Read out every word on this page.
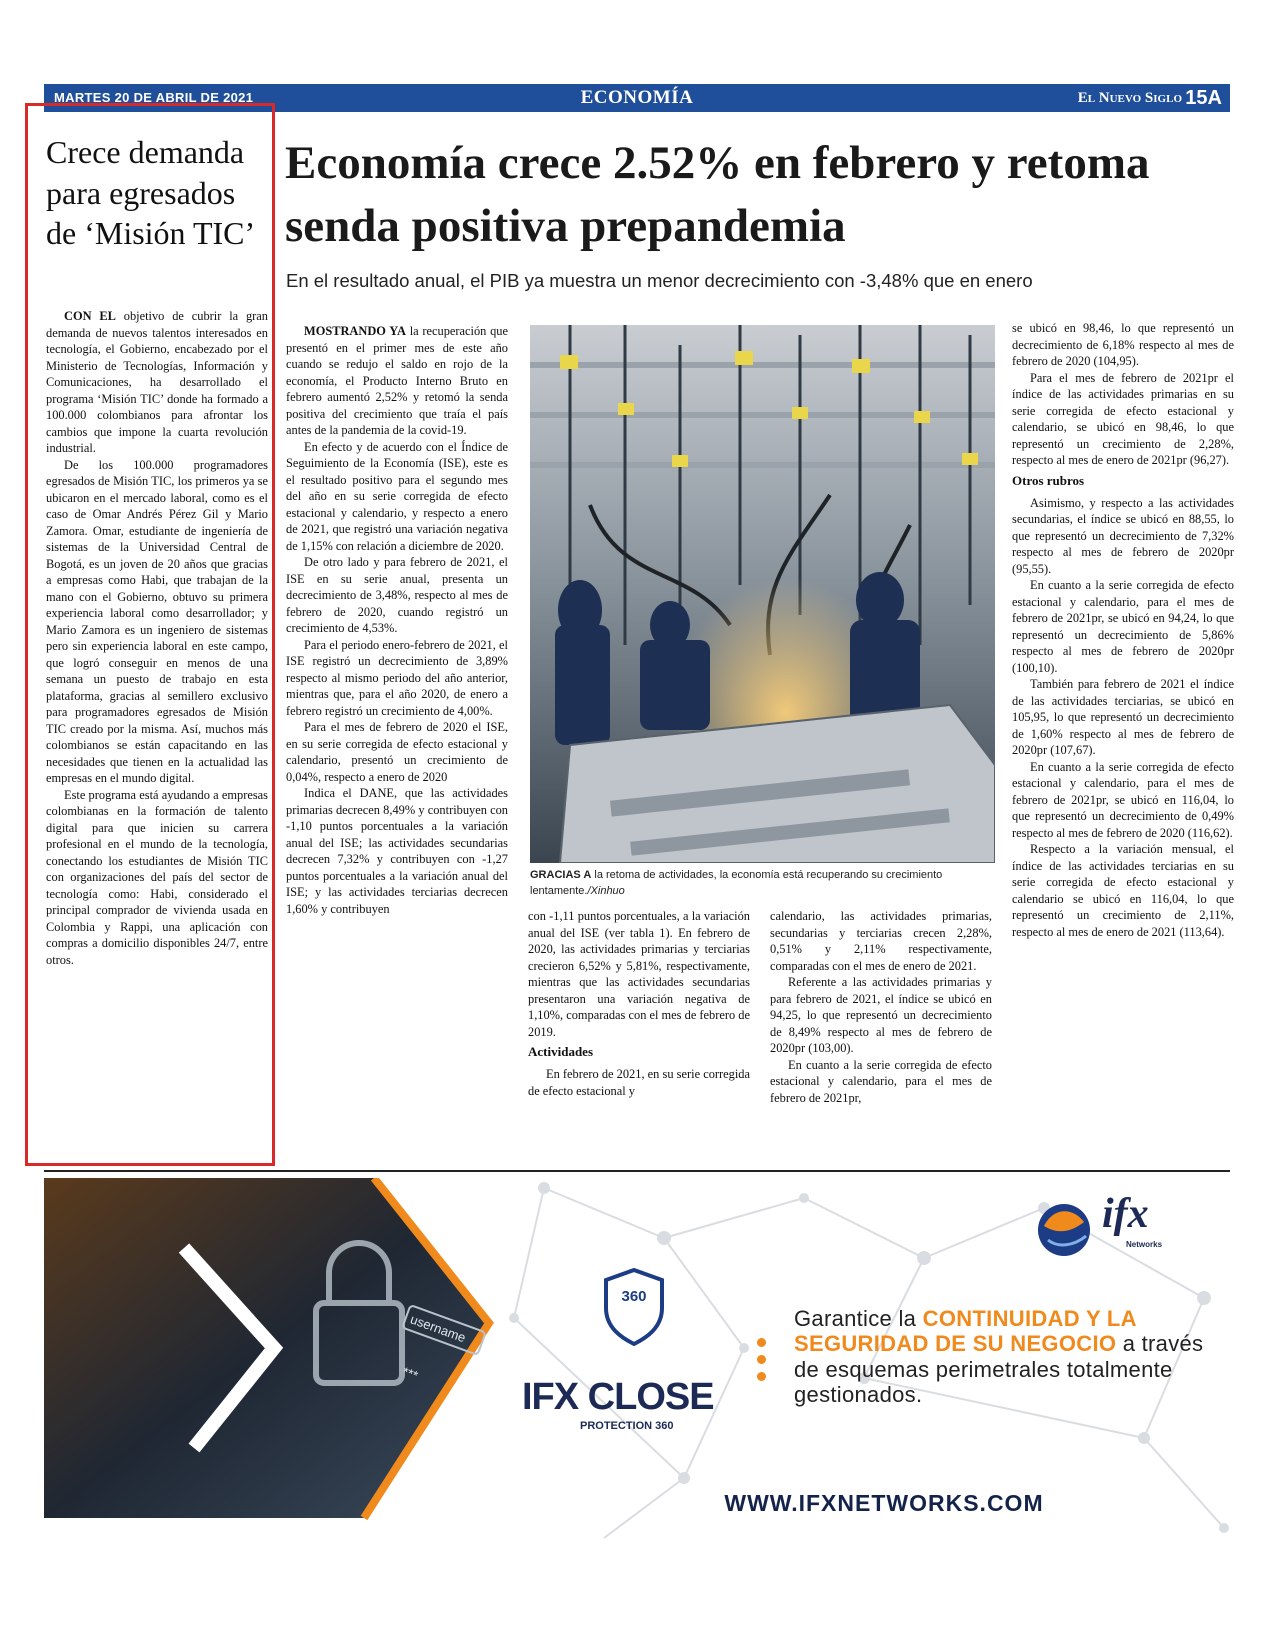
MARTES 20 DE ABRIL DE 2021	ECONOMÍA	El Nuevo Siglo 15A
Crece demanda para egresados de ‘Misión TIC’

CON EL objetivo de cubrir la gran demanda de nuevos talentos interesados en tecnología, el Gobierno, encabezado por el Ministerio de Tecnologías, Información y Comunicaciones, ha desarrollado el programa ‘Misión TIC’ donde ha formado a 100.000 colombianos para afrontar los cambios que impone la cuarta revolución industrial.

De los 100.000 programadores egresados de Misión TIC, los primeros ya se ubicaron en el mercado laboral, como es el caso de Omar Andrés Pérez Gil y Mario Zamora. Omar, estudiante de ingeniería de sistemas de la Universidad Central de Bogotá, es un joven de 20 años que gracias a empresas como Habi, que trabajan de la mano con el Gobierno, obtuvo su primera experiencia laboral como desarrollador; y Mario Zamora es un ingeniero de sistemas pero sin experiencia laboral en este campo, que logró conseguir en menos de una semana un puesto de trabajo en esta plataforma, gracias al semillero exclusivo para programadores egresados de Misión TIC creado por la misma. Así, muchos más colombianos se están capacitando en las necesidades que tienen en la actualidad las empresas en el mundo digital.

Este programa está ayudando a empresas colombianas en la formación de talento digital para que inicien su carrera profesional en el mundo de la tecnología, conectando los estudiantes de Misión TIC con organizaciones del país del sector de tecnología como: Habi, considerado el principal comprador de vivienda usada en Colombia y Rappi, una aplicación con compras a domicilio disponibles 24/7, entre otros.

Economía crece 2.52% en febrero y retoma senda positiva prepandemia
En el resultado anual, el PIB ya muestra un menor decrecimiento con -3,48% que en enero

MOSTRANDO YA la recuperación que presentó en el primer mes de este año cuando se redujo el saldo en rojo de la economía, el Producto Interno Bruto en febrero aumentó 2,52% y retomó la senda positiva del crecimiento que traía el país antes de la pandemia de la covid-19.

En efecto y de acuerdo con el Índice de Seguimiento de la Economía (ISE), este es el resultado positivo para el segundo mes del año en su serie corregida de efecto estacional y calendario, y respecto a enero de 2021, que registró una variación negativa de 1,15% con relación a diciembre de 2020.

De otro lado y para febrero de 2021, el ISE en su serie anual, presenta un decrecimiento de 3,48%, respecto al mes de febrero de 2020, cuando registró un crecimiento de 4,53%.

Para el periodo enero-febrero de 2021, el ISE registró un decrecimiento de 3,89% respecto al mismo periodo del año anterior, mientras que, para el año 2020, de enero a febrero registró un crecimiento de 4,00%.

Para el mes de febrero de 2020 el ISE, en su serie corregida de efecto estacional y calendario, presentó un crecimiento de 0,04%, respecto a enero de 2020

Indica el DANE, que las actividades primarias decrecen 8,49% y contribuyen con -1,10 puntos porcentuales a la variación anual del ISE; las actividades secundarias decrecen 7,32% y contribuyen con -1,27 puntos porcentuales a la variación anual del ISE; y las actividades terciarias decrecen 1,60% y contribuyen

GRACIAS A la retoma de actividades, la economía está recuperando su crecimiento lentamente./Xinhuo

con -1,11 puntos porcentuales, a la variación anual del ISE (ver tabla 1). En febrero de 2020, las actividades primarias y terciarias crecieron 6,52% y 5,81%, respectivamente, mientras que las actividades secundarias presentaron una variación negativa de 1,10%, comparadas con el mes de febrero de 2019.

Actividades

En febrero de 2021, en su serie corregida de efecto estacional y

calendario, las actividades primarias, secundarias y terciarias crecen 2,28%, 0,51% y 2,11% respectivamente, comparadas con el mes de enero de 2021.

Referente a las actividades primarias y para febrero de 2021, el índice se ubicó en 94,25, lo que representó un decrecimiento de 8,49% respecto al mes de febrero de 2020pr (103,00).

En cuanto a la serie corregida de efecto estacional y calendario, para el mes de febrero de 2021pr,

se ubicó en 98,46, lo que representó un decrecimiento de 6,18% respecto al mes de febrero de 2020 (104,95).

Para el mes de febrero de 2021pr el índice de las actividades primarias en su serie corregida de efecto estacional y calendario, se ubicó en 98,46, lo que representó un crecimiento de 2,28%, respecto al mes de enero de 2021pr (96,27).

Otros rubros

Asimismo, y respecto a las actividades secundarias, el índice se ubicó en 88,55, lo que representó un decrecimiento de 7,32% respecto al mes de febrero de 2020pr (95,55).

En cuanto a la serie corregida de efecto estacional y calendario, para el mes de febrero de 2021pr, se ubicó en 94,24, lo que representó un decrecimiento de 5,86% respecto al mes de febrero de 2020pr (100,10).

También para febrero de 2021 el índice de las actividades terciarias, se ubicó en 105,95, lo que representó un decrecimiento de 1,60% respecto al mes de febrero de 2020pr (107,67).

En cuanto a la serie corregida de efecto estacional y calendario, para el mes de febrero de 2021pr, se ubicó en 116,04, lo que representó un decrecimiento de 0,49% respecto al mes de febrero de 2020 (116,62).

Respecto a la variación mensual, el índice de las actividades terciarias en su serie corregida de efecto estacional y calendario se ubicó en 116,04, lo que representó un crecimiento de 2,11%, respecto al mes de enero de 2021 (113,64).

username
***
360
IFX CLOSE
PROTECTION 360
Garantice la CONTINUIDAD Y LA SEGURIDAD DE SU NEGOCIO a través de esquemas perimetrales totalmente gestionados.
ifx
Networks
WWW.IFXNETWORKS.COM
